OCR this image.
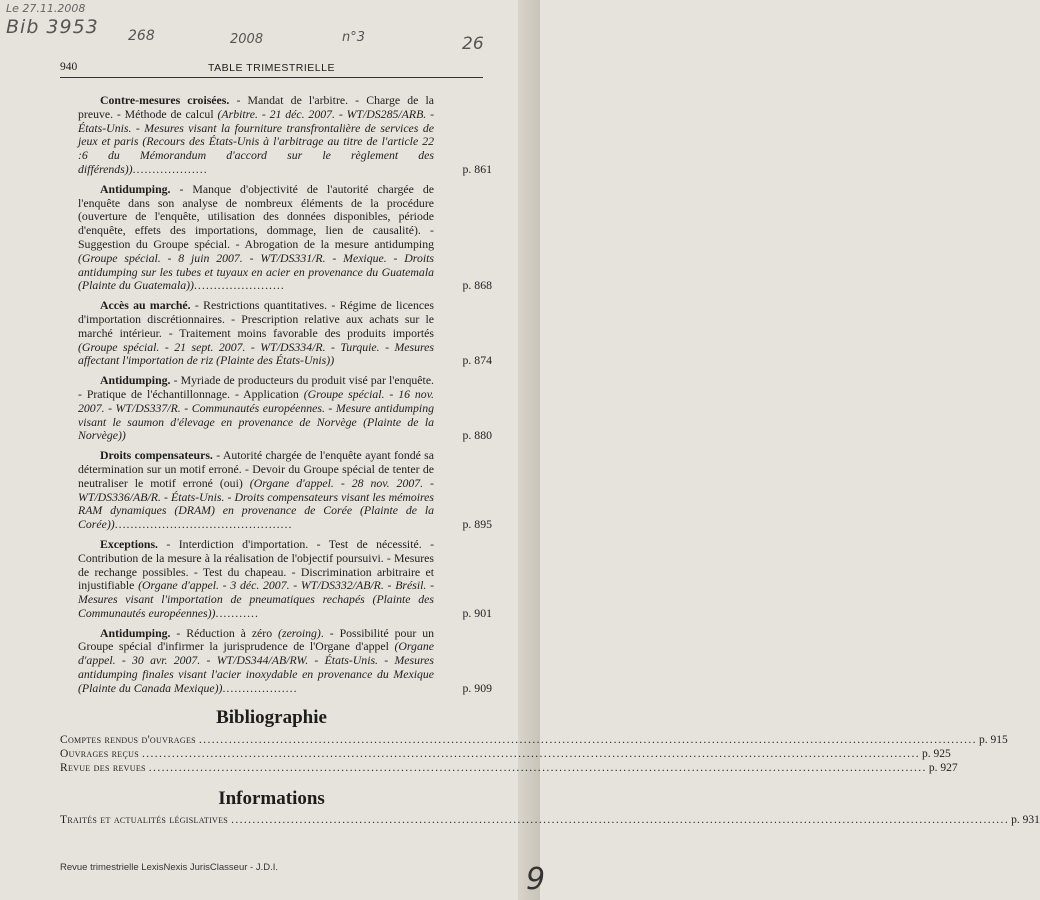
Le 27.11.2008
Bib 3953 268	2008	n°3	26
9
940	TABLE TRIMESTRIELLE
Contre-mesures croisées. - Mandat de l'arbitre. - Charge de la preuve. - Méthode de calcul (Arbitre. - 21 déc. 2007. - WT/DS285/ARB. - États-Unis. - Mesures visant la fourniture transfrontalière de services de jeux et paris (Recours des États-Unis à l'arbitrage au titre de l'article 22 :6 du Mémorandum d'accord sur le règlement des différends))...................	p. 861
Antidumping. - Manque d'objectivité de l'autorité chargée de l'enquête dans son analyse de nombreux éléments de la procédure (ouverture de l'enquête, utilisation des données disponibles, période d'enquête, effets des importations, dommage, lien de causalité). - Suggestion du Groupe spécial. - Abrogation de la mesure antidumping (Groupe spécial. - 8 juin 2007. - WT/DS331/R. - Mexique. - Droits antidumping sur les tubes et tuyaux en acier en provenance du Guatemala (Plainte du Guatemala)).......................	p. 868
Accès au marché. - Restrictions quantitatives. - Régime de licences d'importation discrétionnaires. - Prescription relative aux achats sur le marché intérieur. - Traitement moins favorable des produits importés (Groupe spécial. - 21 sept. 2007. - WT/DS334/R. - Turquie. - Mesures affectant l'importation de riz (Plainte des États-Unis))	p. 874
Antidumping. - Myriade de producteurs du produit visé par l'enquête. - Pratique de l'échantillonnage. - Application (Groupe spécial. - 16 nov. 2007. - WT/DS337/R. - Communautés européennes. - Mesure antidumping visant le saumon d'élevage en provenance de Norvège (Plainte de la Norvège))	p. 880
Droits compensateurs. - Autorité chargée de l'enquête ayant fondé sa détermination sur un motif erroné. - Devoir du Groupe spécial de tenter de neutraliser le motif erroné (oui) (Organe d'appel. - 28 nov. 2007. - WT/DS336/AB/R. - États-Unis. - Droits compensateurs visant les mémoires RAM dynamiques (DRAM) en provenance de Corée (Plainte de la Corée)).............................................	p. 895
Exceptions. - Interdiction d'importation. - Test de nécessité. - Contribution de la mesure à la réalisation de l'objectif poursuivi. - Mesures de rechange possibles. - Test du chapeau. - Discrimination arbitraire et injustifiable (Organe d'appel. - 3 déc. 2007. - WT/DS332/AB/R. - Brésil. - Mesures visant l'importation de pneumatiques rechapés (Plainte des Communautés européennes))...........	p. 901
Antidumping. - Réduction à zéro (zeroing). - Possibilité pour un Groupe spécial d'infirmer la jurisprudence de l'Organe d'appel (Organe d'appel. - 30 avr. 2007. - WT/DS344/AB/RW. - États-Unis. - Mesures antidumping finales visant l'acier inoxydable en provenance du Mexique (Plainte du Canada Mexique))...................	p. 909
Bibliographie
Comptes rendus d'ouvrages .....	p. 915
Ouvrages reçus .....	p. 925
Revue des revues .....	p. 927
Informations
Traités et actualités législatives .....	p. 931
Revue trimestrielle LexisNexis JurisClasseur - J.D.I.
